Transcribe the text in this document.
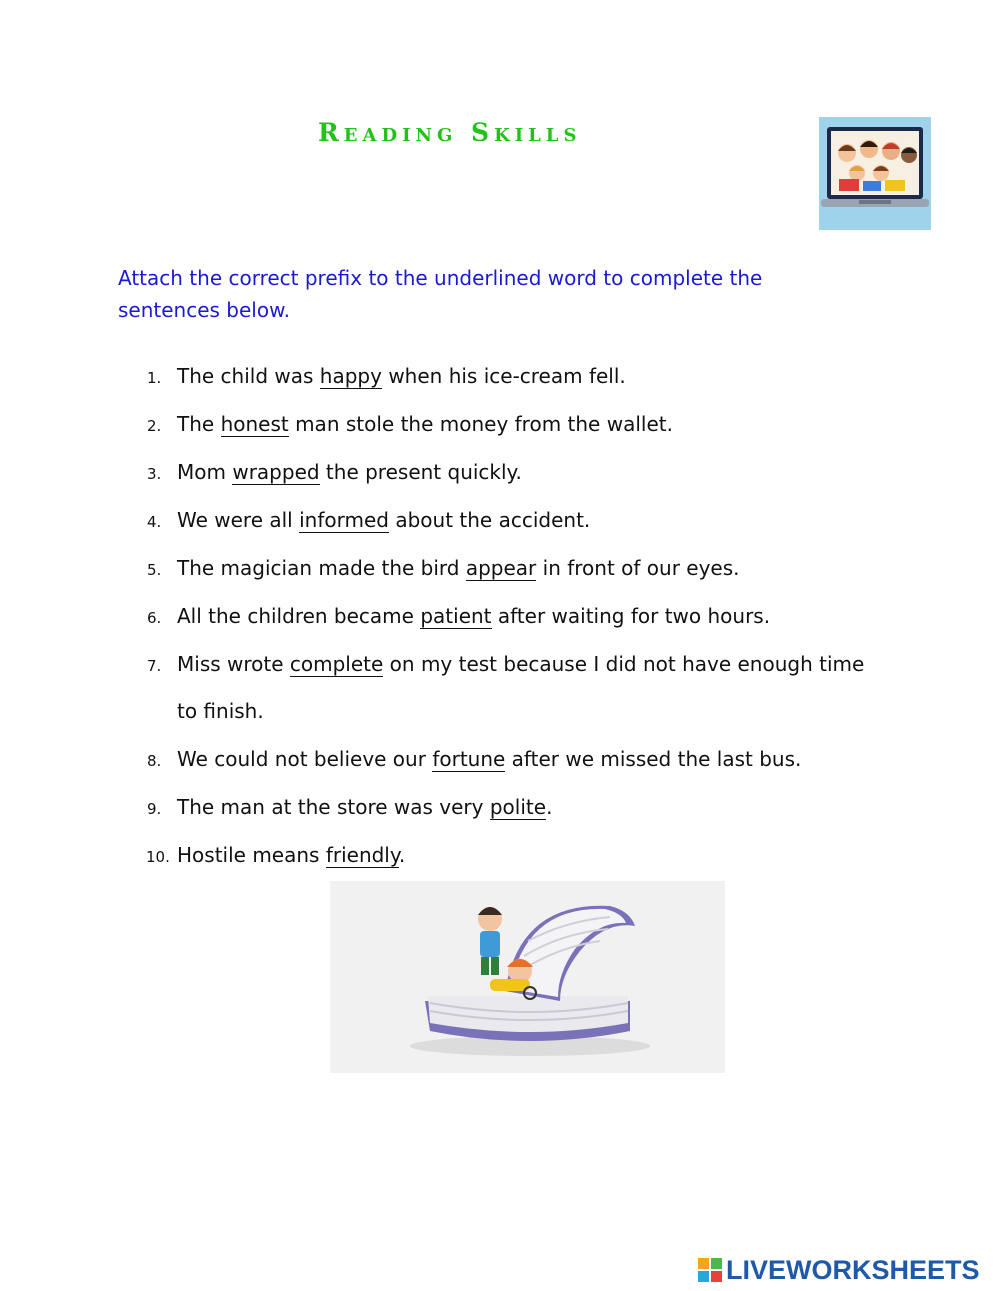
Reading Skills
Attach the correct prefix to the underlined word to complete the sentences below.
1. The child was happy when his ice-cream fell.
2. The honest man stole the money from the wallet.
3. Mom wrapped the present quickly.
4. We were all informed about the accident.
5. The magician made the bird appear in front of our eyes.
6. All the children became patient after waiting for two hours.
7. Miss wrote complete on my test because I did not have enough time to finish.
8. We could not believe our fortune after we missed the last bus.
9. The man at the store was very polite.
10. Hostile means friendly.
LIVEWORKSHEETS
